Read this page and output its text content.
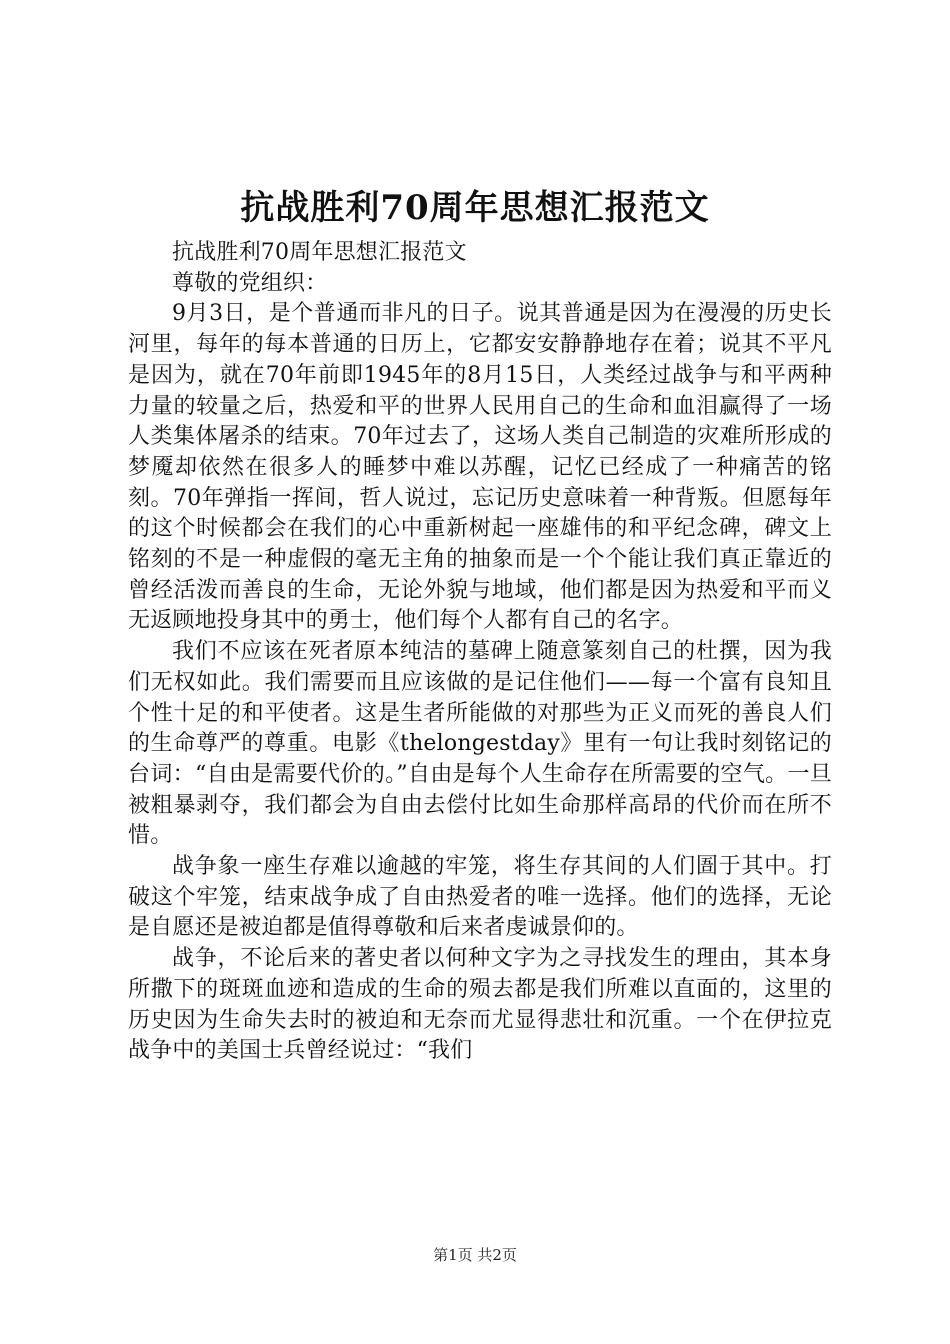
抗战胜利70周年思想汇报范文

抗战胜利70周年思想汇报范文

尊敬的党组织：

9月3日，是个普通而非凡的日子。说其普通是因为在漫漫的历史长河里，每年的每本普通的日历上，它都安安静静地存在着；说其不平凡是因为，就在70年前即1945年的8月15日，人类经过战争与和平两种力量的较量之后，热爱和平的世界人民用自己的生命和血泪赢得了一场人类集体屠杀的结束。70年过去了，这场人类自己制造的灾难所形成的梦魇却依然在很多人的睡梦中难以苏醒，记忆已经成了一种痛苦的铭刻。70年弹指一挥间，哲人说过，忘记历史意味着一种背叛。但愿每年的这个时候都会在我们的心中重新树起一座雄伟的和平纪念碑，碑文上铭刻的不是一种虚假的毫无主角的抽象而是一个个能让我们真正靠近的曾经活泼而善良的生命，无论外貌与地域，他们都是因为热爱和平而义无返顾地投身其中的勇士，他们每个人都有自己的名字。

我们不应该在死者原本纯洁的墓碑上随意篆刻自己的杜撰，因为我们无权如此。我们需要而且应该做的是记住他们——每一个富有良知且个性十足的和平使者。这是生者所能做的对那些为正义而死的善良人们的生命尊严的尊重。电影《thelongestday》里有一句让我时刻铭记的台词：“自由是需要代价的。”自由是每个人生命存在所需要的空气。一旦被粗暴剥夺，我们都会为自由去偿付比如生命那样高昂的代价而在所不惜。

战争象一座生存难以逾越的牢笼，将生存其间的人们圄于其中。打破这个牢笼，结束战争成了自由热爱者的唯一选择。他们的选择，无论是自愿还是被迫都是值得尊敬和后来者虔诚景仰的。

战争，不论后来的著史者以何种文字为之寻找发生的理由，其本身所撒下的斑斑血迹和造成的生命的殒去都是我们所难以直面的，这里的历史因为生命失去时的被迫和无奈而尤显得悲壮和沉重。一个在伊拉克战争中的美国士兵曾经说过：“我们

第1页 共2页
